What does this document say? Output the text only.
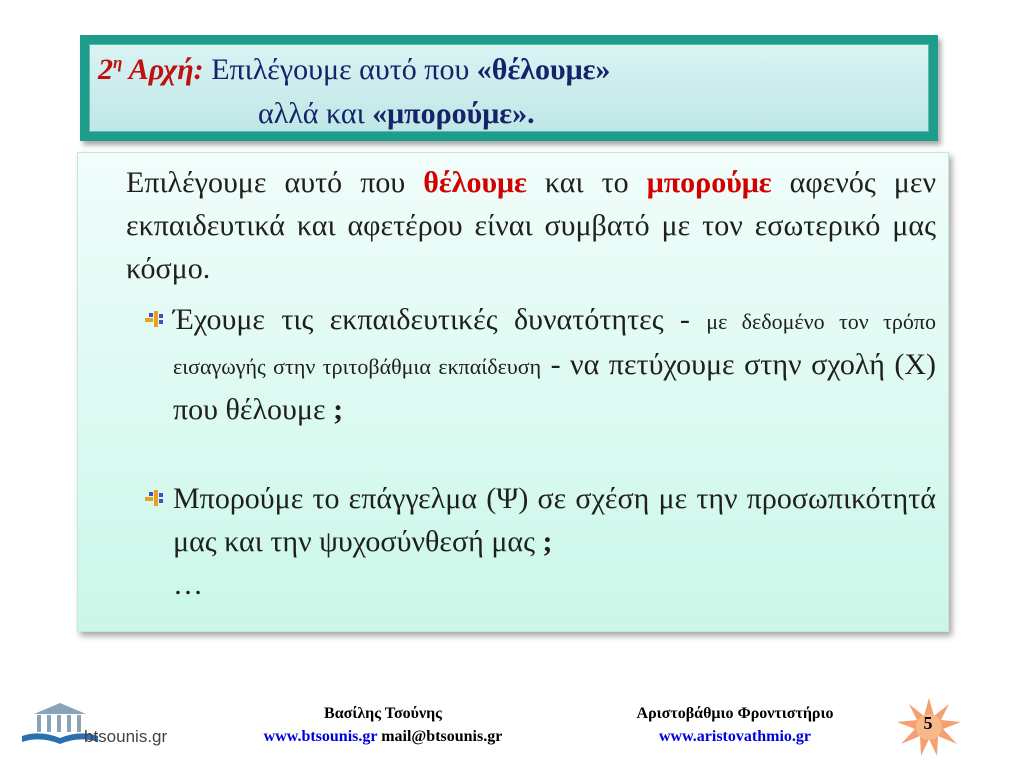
$2^\eta$ Αρχή: Επιλέγουμε αυτό που «θέλουμε»
αλλά και «μπορούμε».
Επιλέγουμε αυτό που θέλουμε και το μπορούμε αφενός μεν εκπαιδευτικά και αφετέρου είναι συμβατό με τον εσωτερικό μας κόσμο.
Έχουμε τις εκπαιδευτικές δυνατότητες - με δεδομένο τον τρόπο εισαγωγής στην τριτοβάθμια εκπαίδευση - να πετύχουμε στην σχολή (Χ) που θέλουμε ;
Μπορούμε το επάγγελμα (Ψ) σε σχέση με την προσωπικότητά μας και την ψυχοσύνθεσή μας ;
…
btsounis.gr
Βασίλης Τσούνης
www.btsounis.gr mail@btsounis.gr
Αριστοβάθμιο Φροντιστήριο
www.aristovathmio.gr
5
